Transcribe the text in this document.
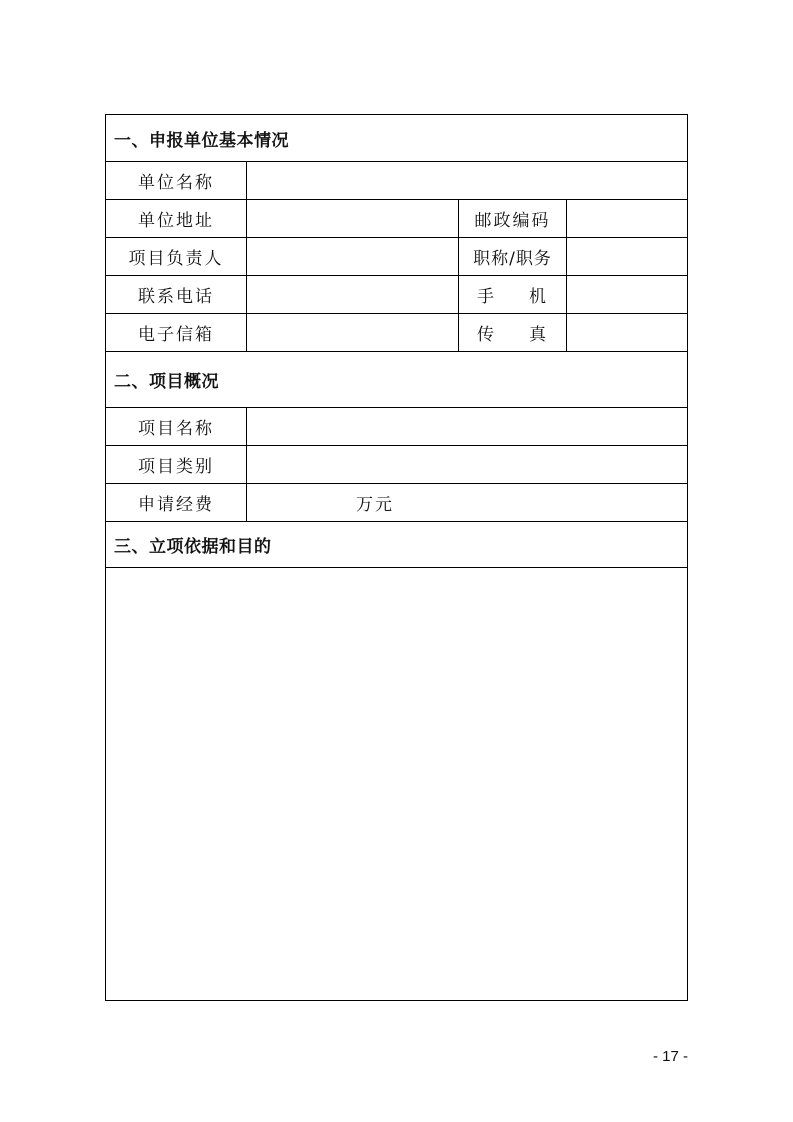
一、申报单位基本情况
单位名称
单位地址	邮政编码
项目负责人	职称/职务
联系电话	手 机
电子信箱	传 真
二、项目概况
项目名称
项目类别
申请经费	万元
三、立项依据和目的
- 17 -
